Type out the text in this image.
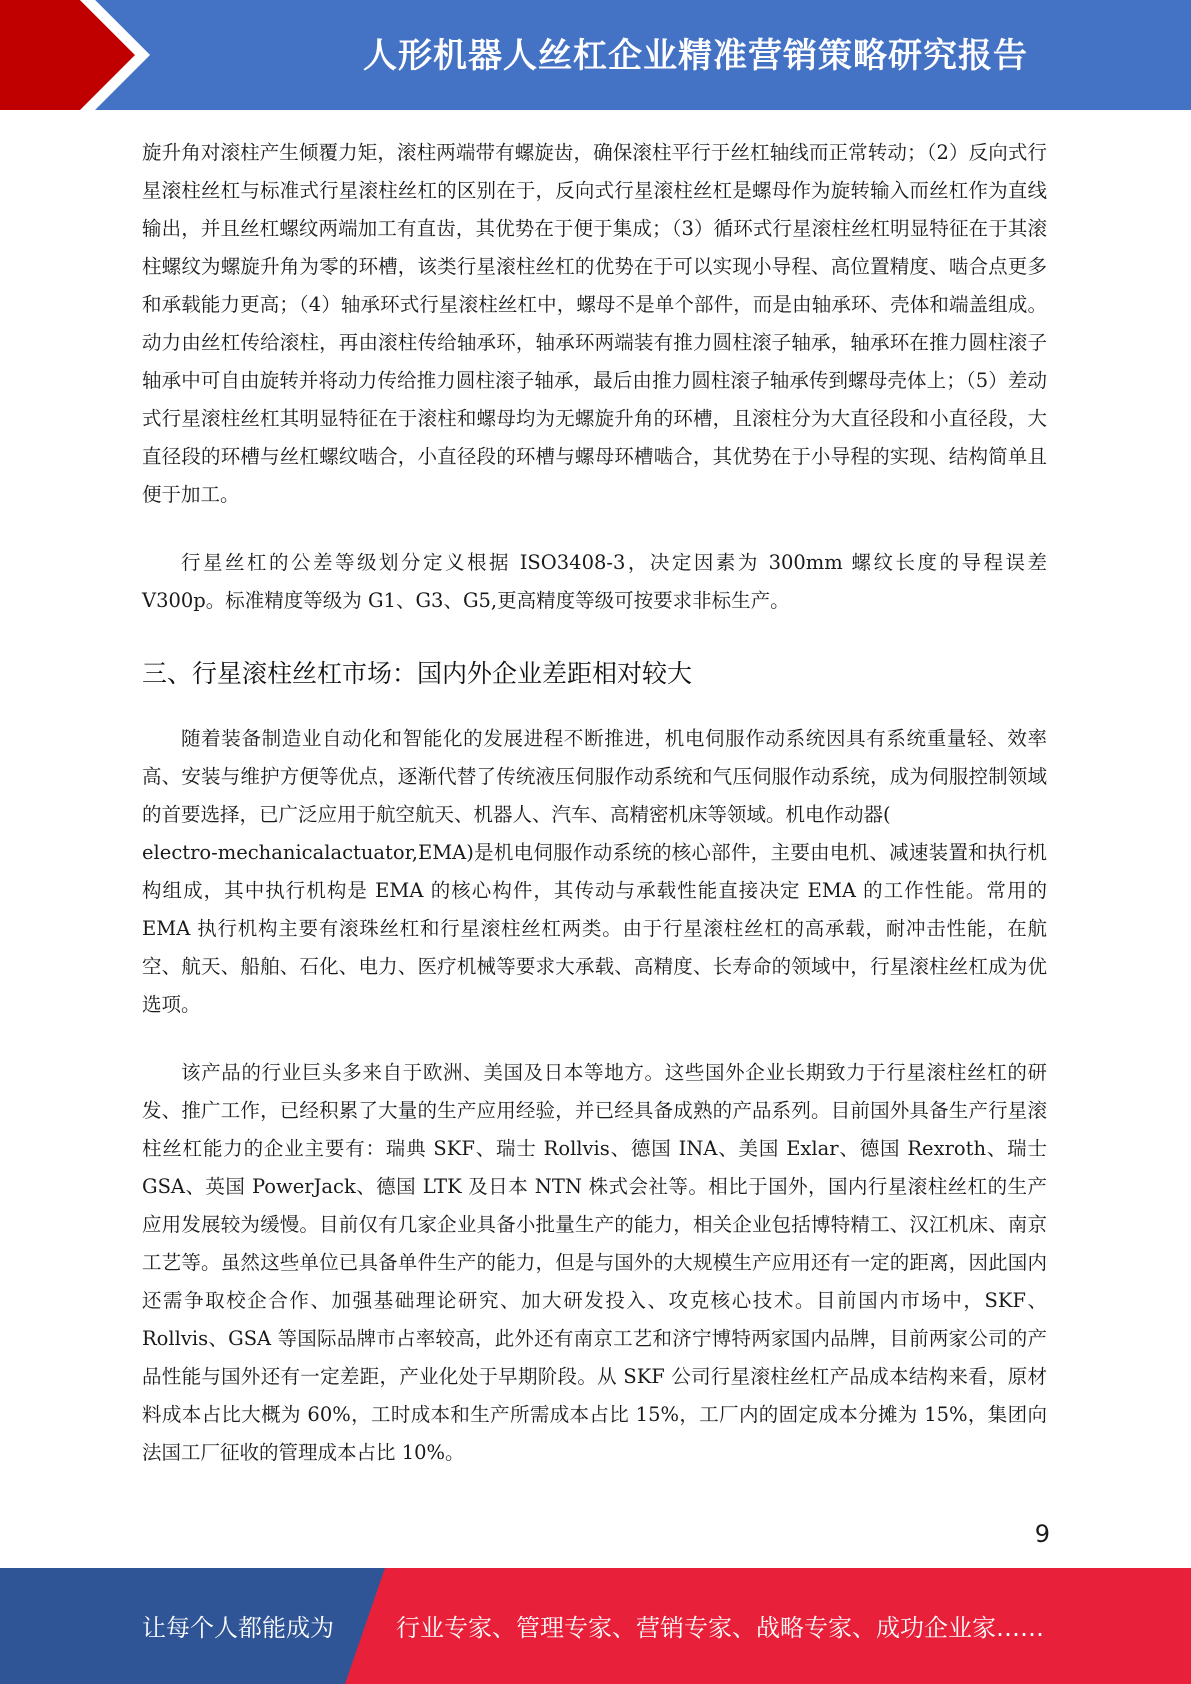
人形机器人丝杠企业精准营销策略研究报告

旋升角对滚柱产生倾覆力矩，滚柱两端带有螺旋齿，确保滚柱平行于丝杠轴线而正常转动；（2）反向式行星滚柱丝杠与标准式行星滚柱丝杠的区别在于，反向式行星滚柱丝杠是螺母作为旋转输入而丝杠作为直线输出，并且丝杠螺纹两端加工有直齿，其优势在于便于集成；（3）循环式行星滚柱丝杠明显特征在于其滚柱螺纹为螺旋升角为零的环槽，该类行星滚柱丝杠的优势在于可以实现小导程、高位置精度、啮合点更多和承载能力更高；（4）轴承环式行星滚柱丝杠中，螺母不是单个部件，而是由轴承环、壳体和端盖组成。动力由丝杠传给滚柱，再由滚柱传给轴承环，轴承环两端装有推力圆柱滚子轴承，轴承环在推力圆柱滚子轴承中可自由旋转并将动力传给推力圆柱滚子轴承，最后由推力圆柱滚子轴承传到螺母壳体上；（5）差动式行星滚柱丝杠其明显特征在于滚柱和螺母均为无螺旋升角的环槽，且滚柱分为大直径段和小直径段，大直径段的环槽与丝杠螺纹啮合，小直径段的环槽与螺母环槽啮合，其优势在于小导程的实现、结构简单且便于加工。

行星丝杠的公差等级划分定义根据 ISO3408-3，决定因素为 300mm 螺纹长度的导程误差V300p。标准精度等级为 G1、G3、G5,更高精度等级可按要求非标生产。

三、行星滚柱丝杠市场：国内外企业差距相对较大

随着装备制造业自动化和智能化的发展进程不断推进，机电伺服作动系统因具有系统重量轻、效率高、安装与维护方便等优点，逐渐代替了传统液压伺服作动系统和气压伺服作动系统，成为伺服控制领域的首要选择，已广泛应用于航空航天、机器人、汽车、高精密机床等领域。机电作动器(

electro-mechanicalactuator,EMA)是机电伺服作动系统的核心部件，主要由电机、减速装置和执行机构组成，其中执行机构是 EMA 的核心构件，其传动与承载性能直接决定 EMA 的工作性能。常用的 EMA 执行机构主要有滚珠丝杠和行星滚柱丝杠两类。由于行星滚柱丝杠的高承载，耐冲击性能，在航空、航天、船舶、石化、电力、医疗机械等要求大承载、高精度、长寿命的领域中，行星滚柱丝杠成为优选项。

该产品的行业巨头多来自于欧洲、美国及日本等地方。这些国外企业长期致力于行星滚柱丝杠的研发、推广工作，已经积累了大量的生产应用经验，并已经具备成熟的产品系列。目前国外具备生产行星滚柱丝杠能力的企业主要有：瑞典 SKF、瑞士 Rollvis、德国 INA、美国 Exlar、德国 Rexroth、瑞士 GSA、英国 PowerJack、德国 LTK 及日本 NTN 株式会社等。相比于国外，国内行星滚柱丝杠的生产应用发展较为缓慢。目前仅有几家企业具备小批量生产的能力，相关企业包括博特精工、汉江机床、南京工艺等。虽然这些单位已具备单件生产的能力，但是与国外的大规模生产应用还有一定的距离，因此国内还需争取校企合作、加强基础理论研究、加大研发投入、攻克核心技术。目前国内市场中，SKF、Rollvis、GSA 等国际品牌市占率较高，此外还有南京工艺和济宁博特两家国内品牌，目前两家公司的产品性能与国外还有一定差距，产业化处于早期阶段。从 SKF 公司行星滚柱丝杠产品成本结构来看，原材料成本占比大概为 60%，工时成本和生产所需成本占比 15%，工厂内的固定成本分摊为 15%，集团向法国工厂征收的管理成本占比 10%。

9
让每个人都能成为	行业专家、管理专家、营销专家、战略专家、成功企业家……
